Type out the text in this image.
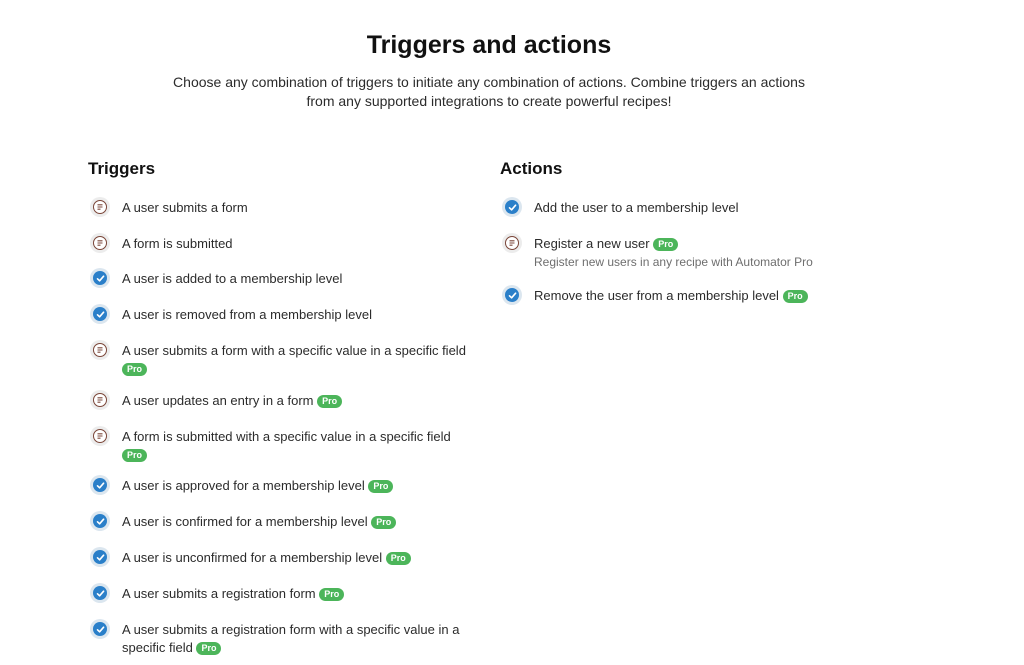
Triggers and actions

Choose any combination of triggers to initiate any combination of actions. Combine triggers an actions from any supported integrations to create powerful recipes!

Triggers	Actions
A user submits a form
A form is submitted
A user is added to a membership level
A user is removed from a membership level
A user submits a form with a specific value in a specific field Pro
A user updates an entry in a form Pro
A form is submitted with a specific value in a specific field Pro
A user is approved for a membership level Pro
A user is confirmed for a membership level Pro
A user is unconfirmed for a membership level Pro
A user submits a registration form Pro
A user submits a registration form with a specific value in a specific field Pro
Add the user to a membership level
Register a new user Pro
Register new users in any recipe with Automator Pro
Remove the user from a membership level Pro
